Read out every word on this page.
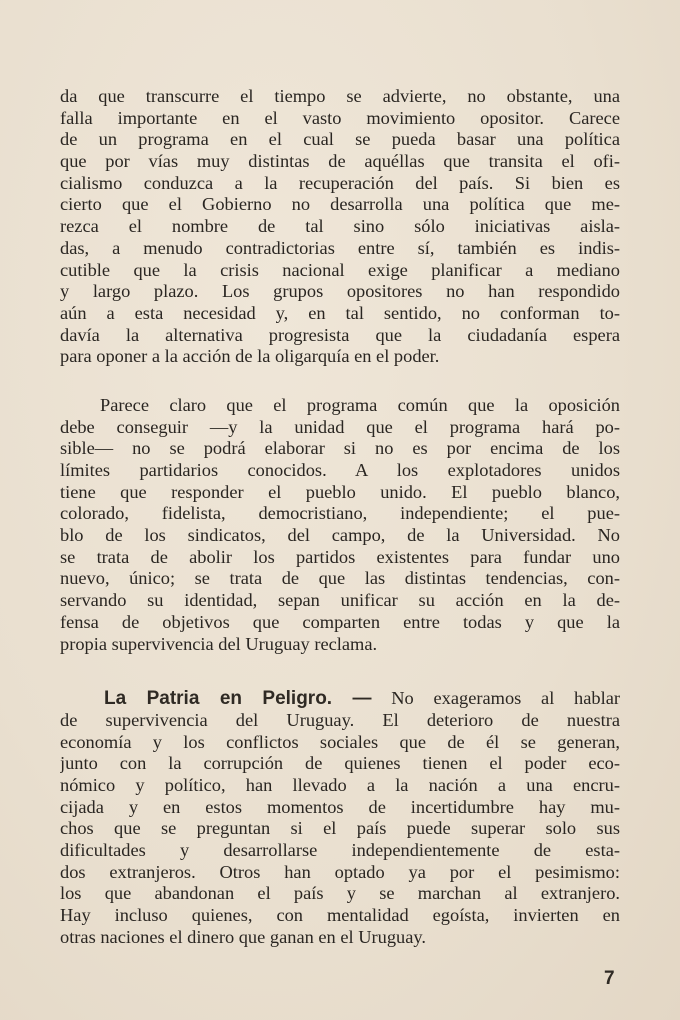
da que transcurre el tiempo se advierte, no obstante, una
falla importante en el vasto movimiento opositor. Carece
de un programa en el cual se pueda basar una política
que por vías muy distintas de aquéllas que transita el ofi-
cialismo conduzca a la recuperación del país. Si bien es
cierto que el Gobierno no desarrolla una política que me-
rezca el nombre de tal sino sólo iniciativas aisla-
das, a menudo contradictorias entre sí, también es indis-
cutible que la crisis nacional exige planificar a mediano
y largo plazo. Los grupos opositores no han respondido
aún a esta necesidad y, en tal sentido, no conforman to-
davía la alternativa progresista que la ciudadanía espera
para oponer a la acción de la oligarquía en el poder.

Parece claro que el programa común que la oposición
debe conseguir —y la unidad que el programa hará po-
sible— no se podrá elaborar si no es por encima de los
límites partidarios conocidos. A los explotadores unidos
tiene que responder el pueblo unido. El pueblo blanco,
colorado, fidelista, democristiano, independiente; el pue-
blo de los sindicatos, del campo, de la Universidad. No
se trata de abolir los partidos existentes para fundar uno
nuevo, único; se trata de que las distintas tendencias, con-
servando su identidad, sepan unificar su acción en la de-
fensa de objetivos que comparten entre todas y que la
propia supervivencia del Uruguay reclama.

La Patria en Peligro. — No exageramos al hablar
de supervivencia del Uruguay. El deterioro de nuestra
economía y los conflictos sociales que de él se generan,
junto con la corrupción de quienes tienen el poder eco-
nómico y político, han llevado a la nación a una encru-
cijada y en estos momentos de incertidumbre hay mu-
chos que se preguntan si el país puede superar solo sus
dificultades y desarrollarse independientemente de esta-
dos extranjeros. Otros han optado ya por el pesimismo:
los que abandonan el país y se marchan al extranjero.
Hay incluso quienes, con mentalidad egoísta, invierten en
otras naciones el dinero que ganan en el Uruguay.

7
